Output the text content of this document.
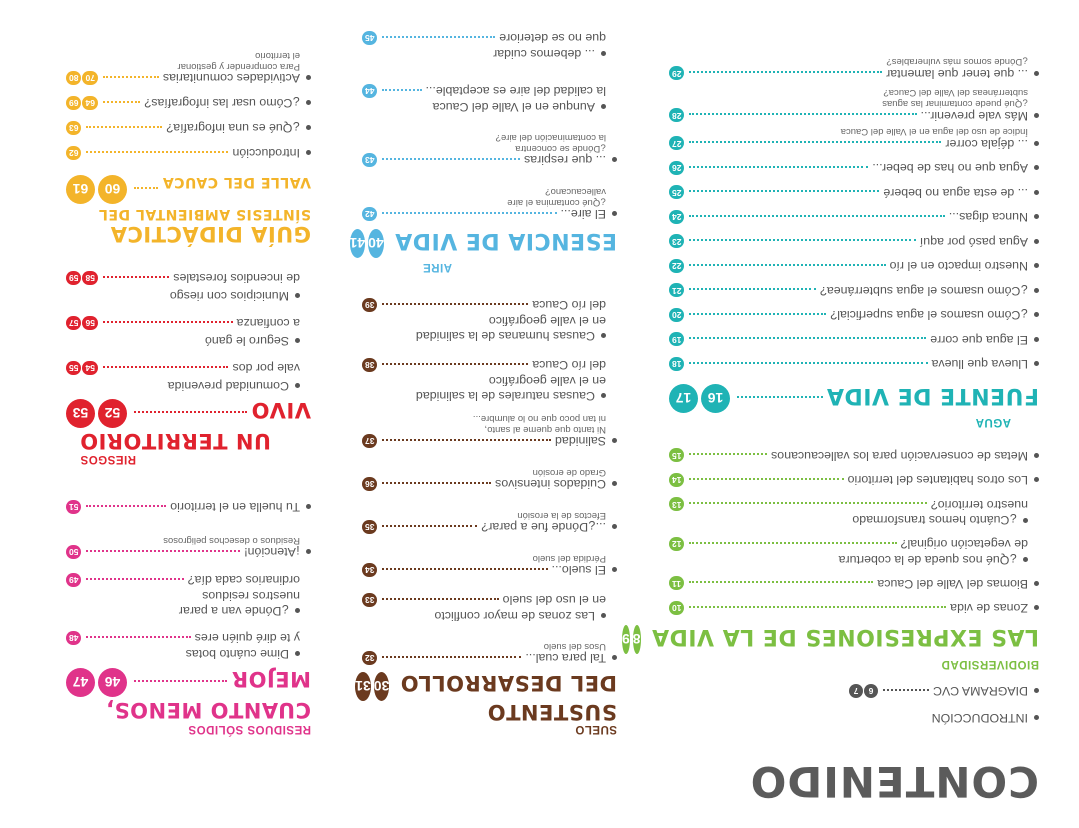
CONTENIDO
INTRODUCCIÓN
DIAGRAMA CVC
6
7
BIODIVERSIDAD
LAS EXPRESIONES DE LA VIDA
8
9
Zonas de vida
10
Biomas del Valle del Cauca
11
¿Qué nos queda de la cobertura
de vegetación original?
12
¿Cuánto hemos transformado
nuestro territorio?
13
Los otros habitantes del territorio
14
Metas de conservación para los vallecaucanos
15
AGUA
FUENTE DE VIDA
16
17
Llueva que llueva
18
El agua que corre
19
¿Cómo usamos el agua superficial?
20
¿Cómo usamos el agua subterránea?
21
Nuestro impacto en el río
22
Agua pasó por aquí
23
Nunca digas...
24
... de esta agua no beberé
25
Agua que no has de beber...
26
... déjala correr
27
Índice de uso del agua en el Valle del Cauca
Más vale prevenir...
28
¿Qué puede contaminar las aguas
subterráneas del Valle del Cauca?
... que tener que lamentar
29
¿Dónde somos más vulnerables?
SUELO
SUSTENTO
DEL DESARROLLO
30
31
Tal para cual...
32
Usos del suelo
Las zonas de mayor conflicto
en el uso del suelo
33
El suelo...
34
Pérdida del suelo
...¿Dónde fue a parar?
35
Efectos de la erosión
Cuidados intensivos
36
Grado de erosión
Salinidad
37
Ni tanto que queme al santo,
ni tan poco que no lo alumbre...
Causas naturales de la salinidad
en el valle geográfico
del río Cauca
38
Causas humanas de la salinidad
en el valle geográfico
del río Cauca
39
AIRE
ESENCIA DE VIDA
40
41
El aire...
42
¿Qué contamina el aire
vallecaucano?
... que respiras
43
¿Dónde se concentra
la contaminación del aire?
Aunque en el Valle del Cauca
la calidad del aire es aceptable...
44
... debemos cuidar
que no se deteriore
45
RESIDUOS SÓLIDOS
CUANTO MENOS,
MEJOR
46
47
Dime cuánto botas
y te diré quién eres
48
¿Dónde van a parar
nuestros residuos
ordinarios cada día?
49
¡Atención!
50
Residuos o desechos peligrosos
Tu huella en el territorio
51
RIESGOS
UN TERRITORIO
VIVO
52
53
Comunidad prevenida
vale por dos
54
55
Seguro le ganó
a confianza
56
57
Municipios con riesgo
de incendios forestales
58
59
GUÍA DIDÁCTICA
SÍNTESIS AMBIENTAL DEL
VALLE DEL CAUCA
60
61
Introducción
62
¿Qué es una infografía?
63
¿Cómo usar las infografías?
64
69
Actividades comunitarias
70
80
Para comprender y gestionar
el territorio
